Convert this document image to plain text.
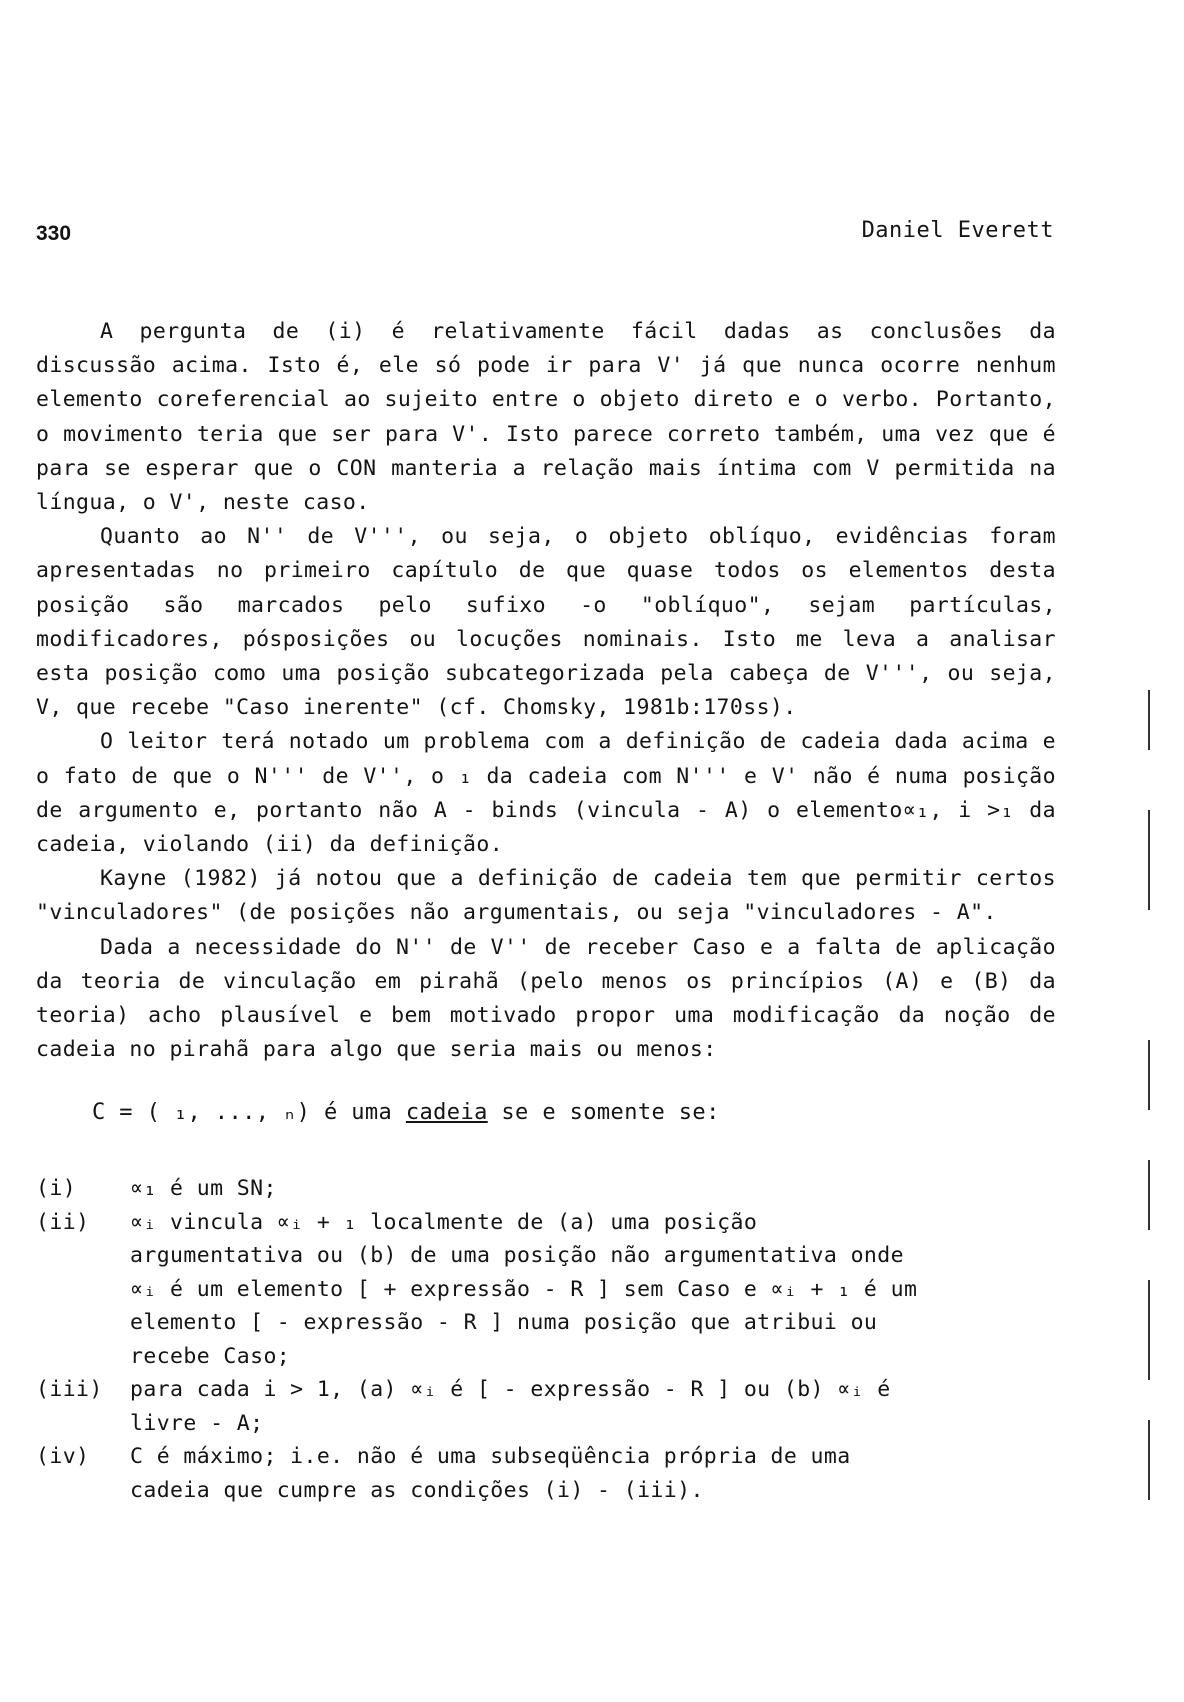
330	Daniel Everett

A pergunta de (i) é relativamente fácil dadas as conclusões da discussão acima. Isto é, ele só pode ir para V' já que nunca ocorre nenhum elemento coreferencial ao sujeito entre o objeto direto e o verbo. Portanto, o movimento teria que ser para V'. Isto parece correto também, uma vez que é para se esperar que o CON manteria a relação mais íntima com V permitida na língua, o V', neste caso.

Quanto ao N'' de V''', ou seja, o objeto oblíquo, evidências foram apresentadas no primeiro capítulo de que quase todos os elementos desta posição são marcados pelo sufixo -o "oblíquo", sejam partículas, modificadores, pósposições ou locuções nominais. Isto me leva a analisar esta posição como uma posição subcategorizada pela cabeça de V''', ou seja, V, que recebe "Caso inerente" (cf. Chomsky, 1981b:170ss).

O leitor terá notado um problema com a definição de cadeia dada acima e o fato de que o N''' de V'', o ₁ da cadeia com N''' e V' não é numa posição de argumento e, portanto não A - binds (vincula - A) o elemento∝₁, i >₁ da cadeia, violando (ii) da definição.

Kayne (1982) já notou que a definição de cadeia tem que permitir certos "vinculadores" (de posições não argumentais, ou seja "vinculadores - A".

Dada a necessidade do N'' de V'' de receber Caso e a falta de aplicação da teoria de vinculação em pirahã (pelo menos os princípios (A) e (B) da teoria) acho plausível e bem motivado propor uma modificação da noção de cadeia no pirahã para algo que seria mais ou menos:

C = ( ₁, ..., ₙ) é uma cadeia se e somente se:
(i)	∝₁ é um SN;
(ii)	∝ᵢ vincula ∝ᵢ + ₁ localmente de (a) uma posição argumentativa ou (b) de uma posição não argumentativa onde ∝ᵢ é um elemento [ + expressão - R ] sem Caso e ∝ᵢ + ₁ é um elemento [ - expressão - R ] numa posição que atribui ou recebe Caso;
(iii)	para cada i > 1, (a) ∝ᵢ é [ - expressão - R ] ou (b) ∝ᵢ é livre - A;
(iv)	C é máximo; i.e. não é uma subseqüência própria de uma cadeia que cumpre as condições (i) - (iii).
